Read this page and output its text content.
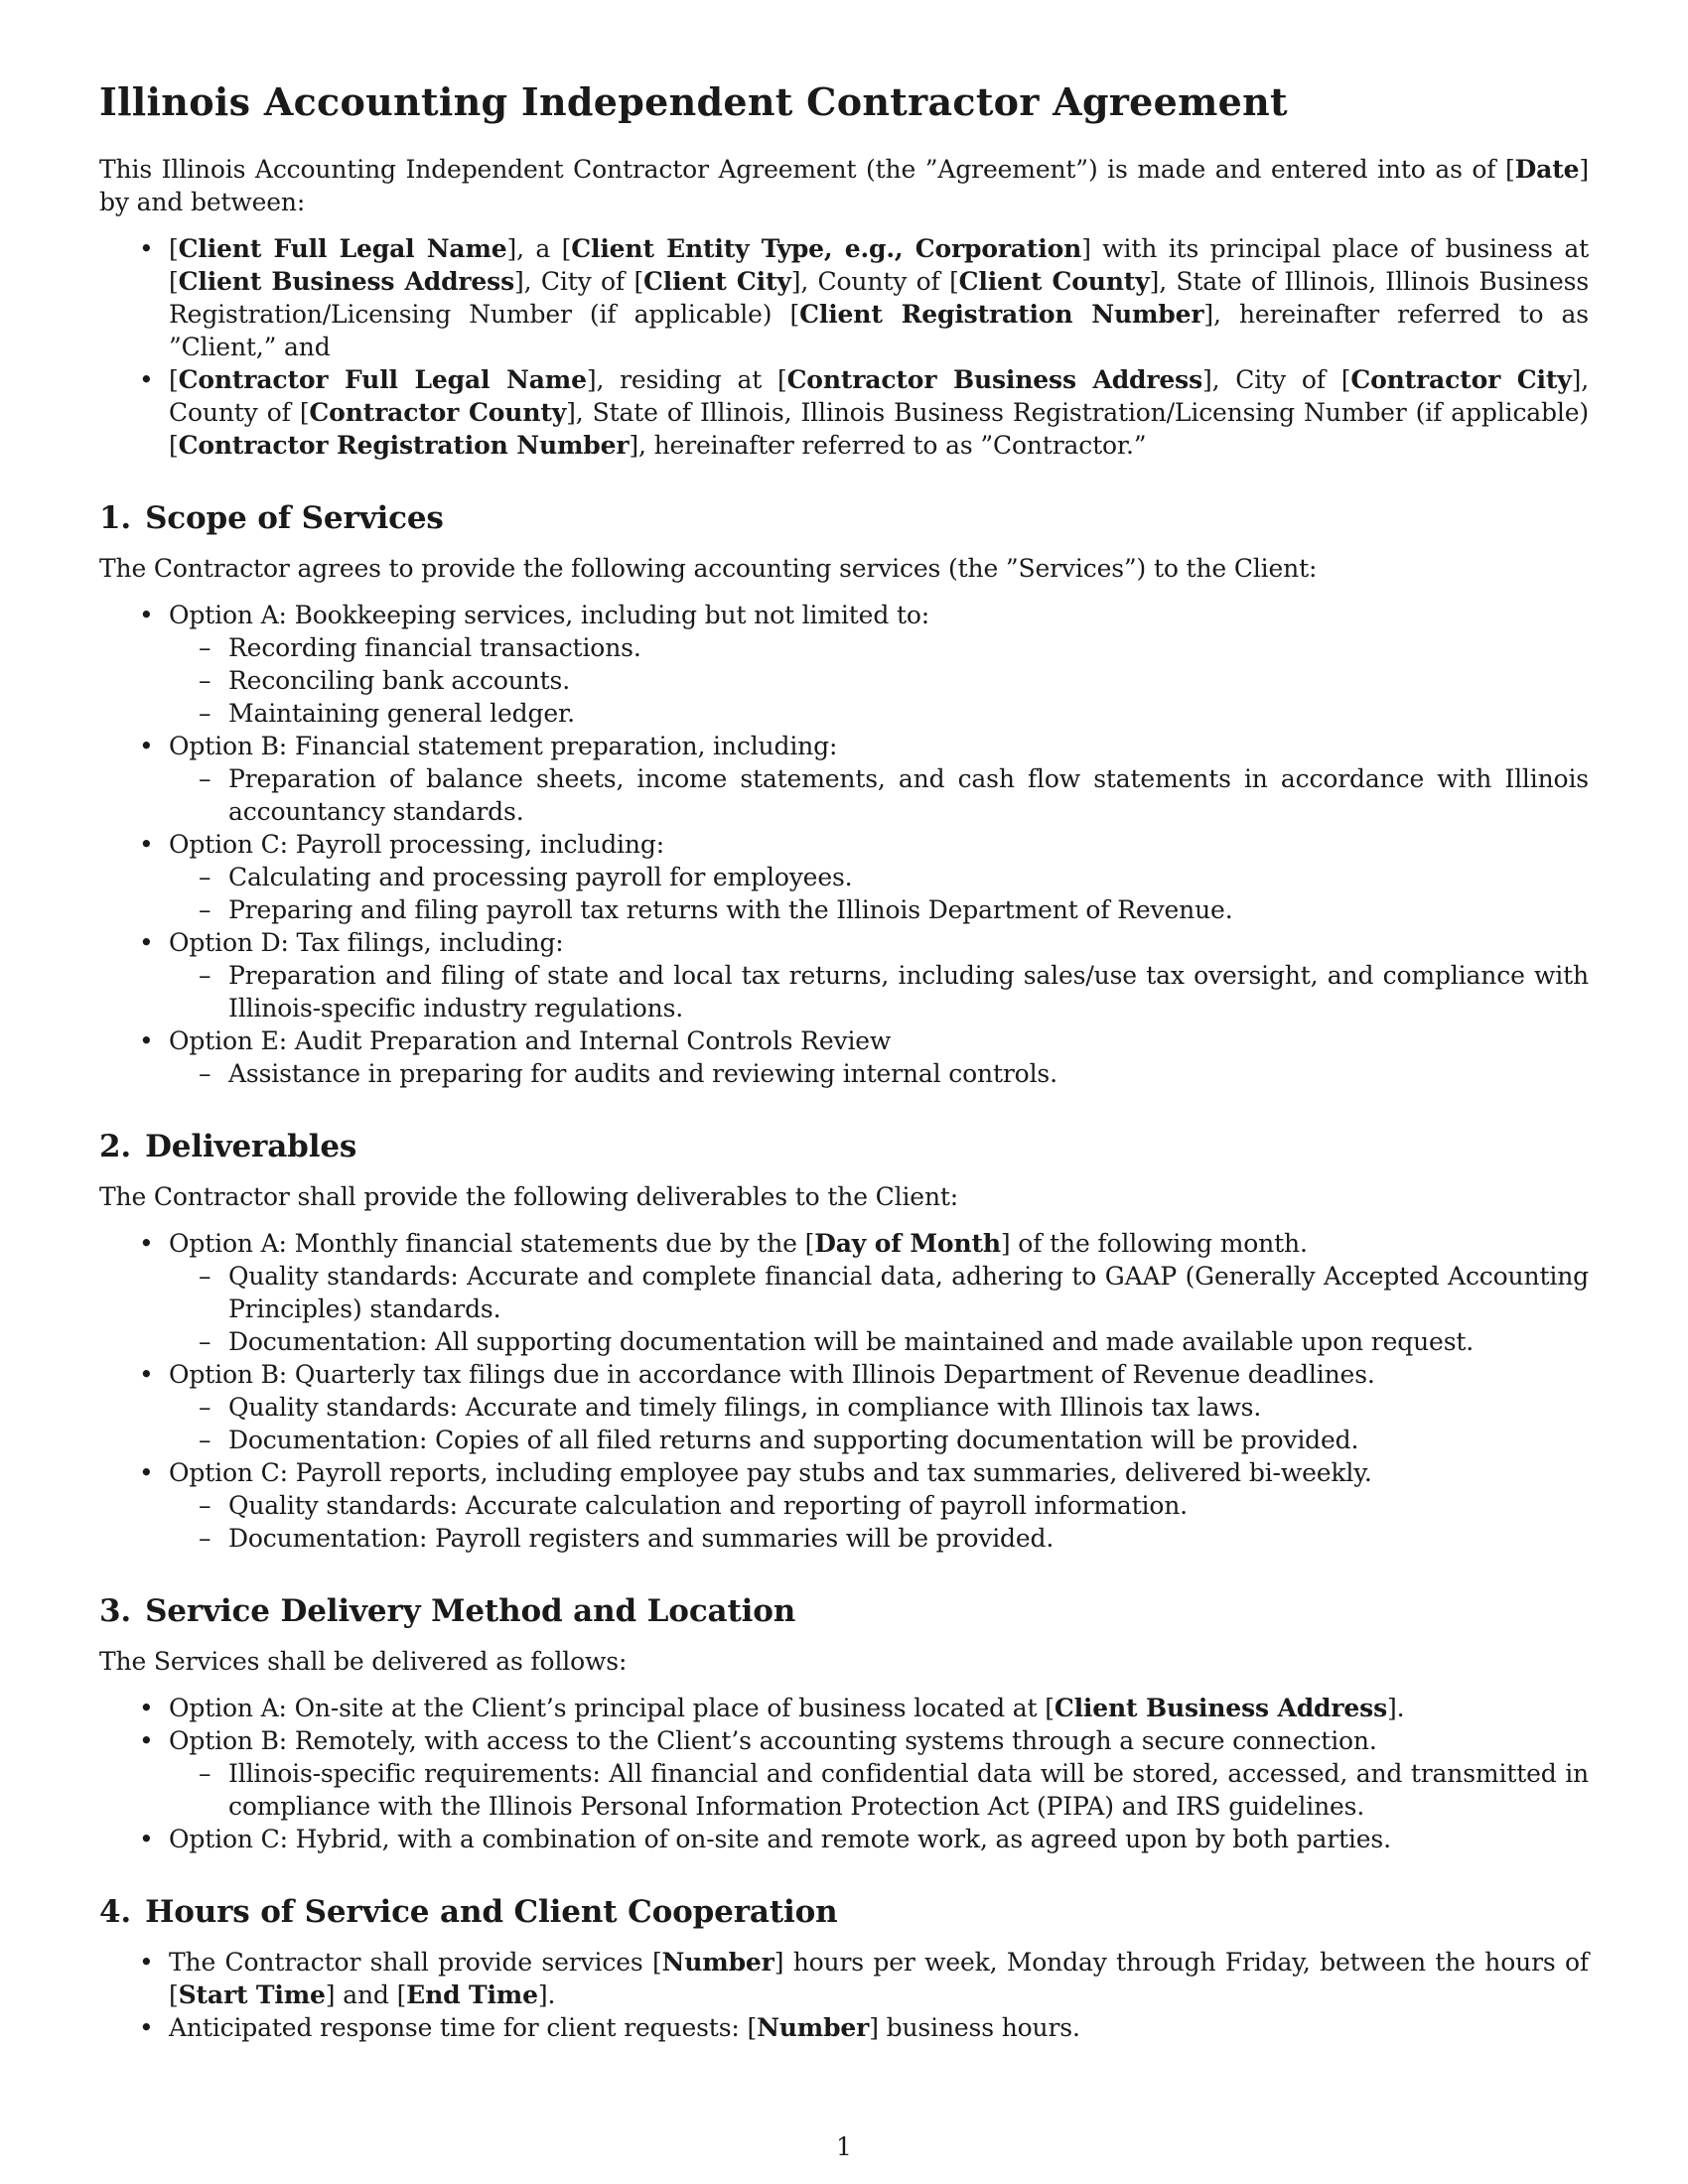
Illinois Accounting Independent Contractor Agreement

This Illinois Accounting Independent Contractor Agreement (the ”Agreement”) is made and entered into as of [Date] by and between:

• [Client Full Legal Name], a [Client Entity Type, e.g., Corporation] with its principal place of business at [Client Business Address], City of [Client City], County of [Client County], State of Illinois, Illinois Business Registration/Licensing Number (if applicable) [Client Registration Number], hereinafter referred to as ”Client,” and
• [Contractor Full Legal Name], residing at [Contractor Business Address], City of [Contractor City], County of [Contractor County], State of Illinois, Illinois Business Registration/Licensing Number (if applicable) [Contractor Registration Number], hereinafter referred to as ”Contractor.”
1. Scope of Services

The Contractor agrees to provide the following accounting services (the ”Services”) to the Client:

• Option A: Bookkeeping services, including but not limited to:
– Recording financial transactions.
– Reconciling bank accounts.
– Maintaining general ledger.
• Option B: Financial statement preparation, including:
– Preparation of balance sheets, income statements, and cash flow statements in accordance with Illinois accountancy standards.
• Option C: Payroll processing, including:
– Calculating and processing payroll for employees.
– Preparing and filing payroll tax returns with the Illinois Department of Revenue.
• Option D: Tax filings, including:
– Preparation and filing of state and local tax returns, including sales/use tax oversight, and compliance with Illinois-specific industry regulations.
• Option E: Audit Preparation and Internal Controls Review
– Assistance in preparing for audits and reviewing internal controls.
2. Deliverables

The Contractor shall provide the following deliverables to the Client:

• Option A: Monthly financial statements due by the [Day of Month] of the following month.
– Quality standards: Accurate and complete financial data, adhering to GAAP (Generally Accepted Accounting Principles) standards.
– Documentation: All supporting documentation will be maintained and made available upon request.
• Option B: Quarterly tax filings due in accordance with Illinois Department of Revenue deadlines.
– Quality standards: Accurate and timely filings, in compliance with Illinois tax laws.
– Documentation: Copies of all filed returns and supporting documentation will be provided.
• Option C: Payroll reports, including employee pay stubs and tax summaries, delivered bi-weekly.
– Quality standards: Accurate calculation and reporting of payroll information.
– Documentation: Payroll registers and summaries will be provided.
3. Service Delivery Method and Location

The Services shall be delivered as follows:

• Option A: On-site at the Client’s principal place of business located at [Client Business Address].
• Option B: Remotely, with access to the Client’s accounting systems through a secure connection.
– Illinois-specific requirements: All financial and confidential data will be stored, accessed, and transmitted in compliance with the Illinois Personal Information Protection Act (PIPA) and IRS guidelines.
• Option C: Hybrid, with a combination of on-site and remote work, as agreed upon by both parties.
4. Hours of Service and Client Cooperation
• The Contractor shall provide services [Number] hours per week, Monday through Friday, between the hours of [Start Time] and [End Time].
• Anticipated response time for client requests: [Number] business hours.
1
